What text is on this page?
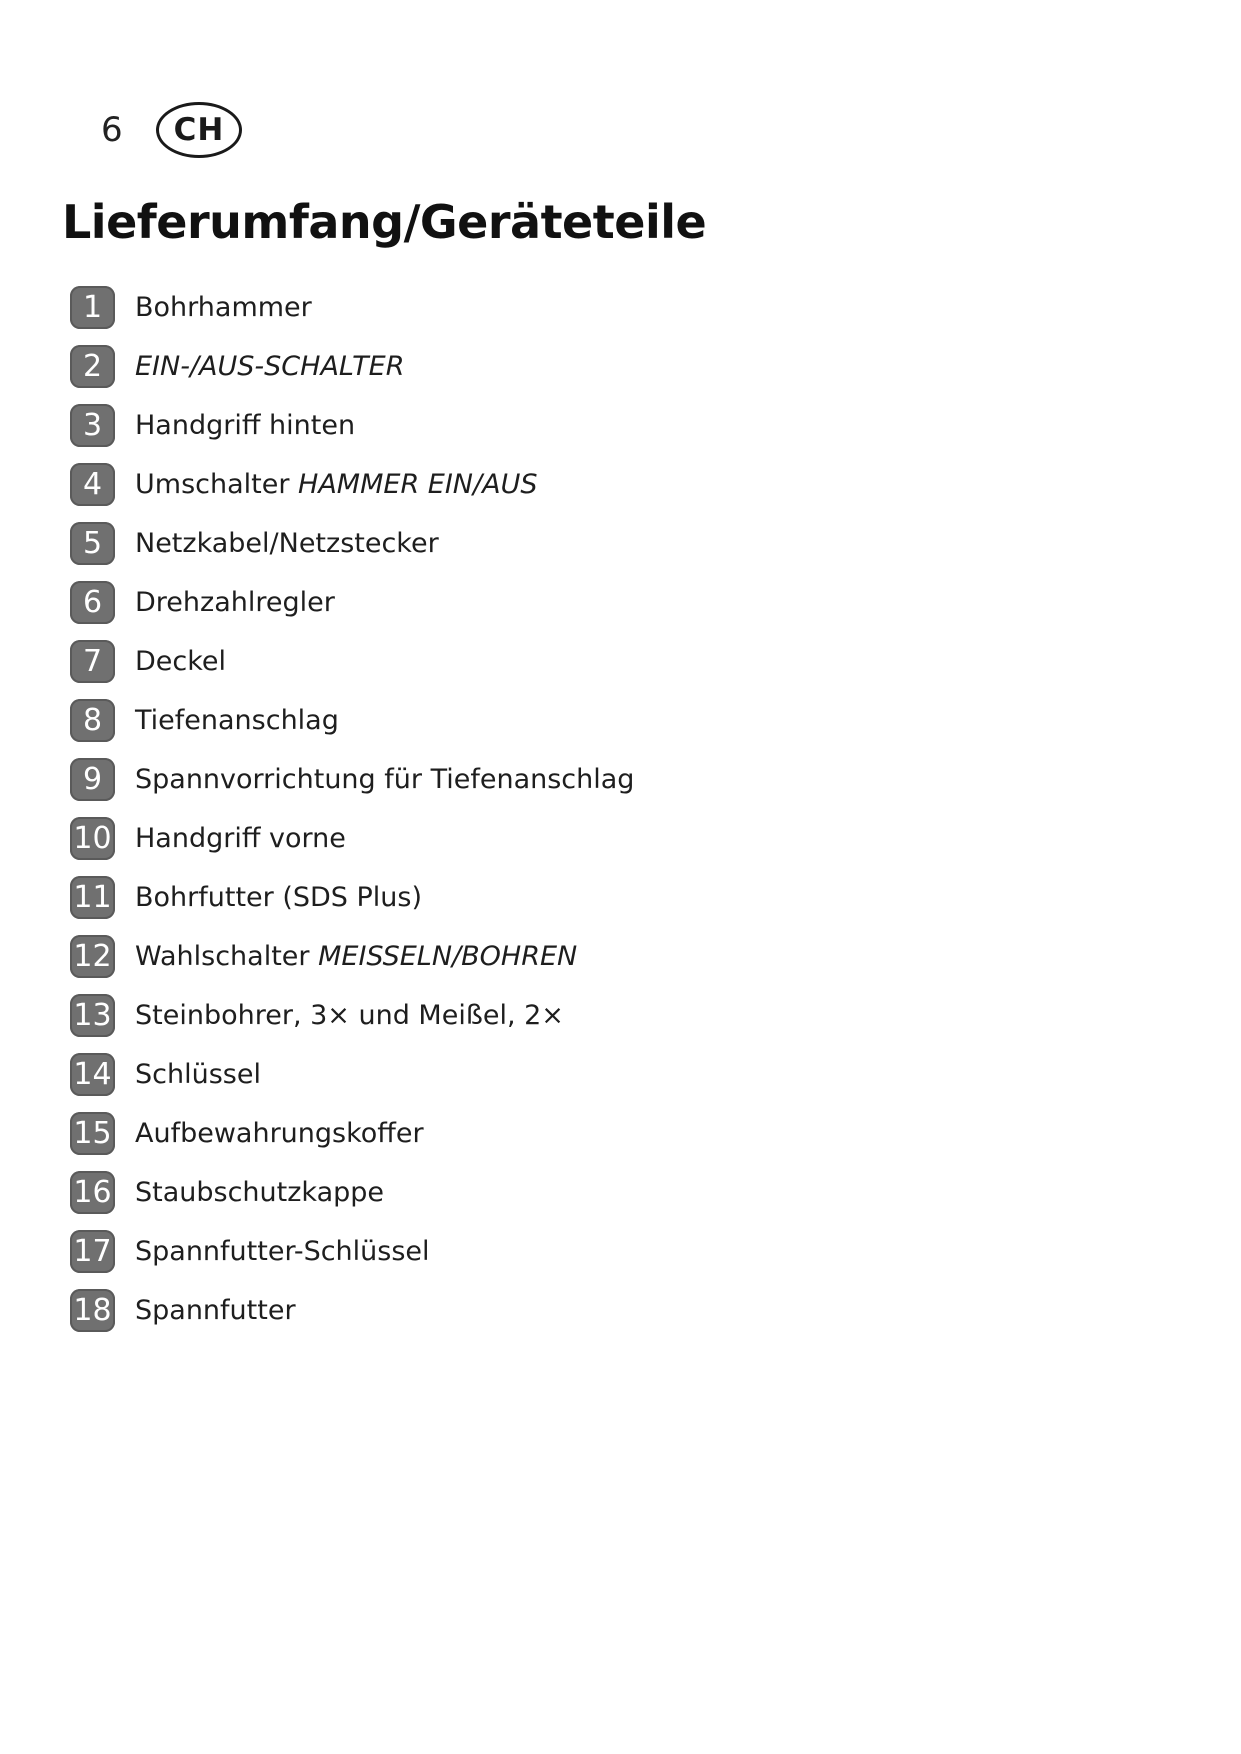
6	CH
Lieferumfang/Geräteteile
1	Bohrhammer
2	EIN-/AUS-SCHALTER
3	Handgriff hinten
4	Umschalter HAMMER EIN/AUS
5	Netzkabel/Netzstecker
6	Drehzahlregler
7	Deckel
8	Tiefenanschlag
9	Spannvorrichtung für Tiefenanschlag
10 Handgriff vorne
11 Bohrfutter (SDS Plus)
12 Wahlschalter MEISSELN/BOHREN
13 Steinbohrer, 3× und Meißel, 2×
14 Schlüssel
15 Aufbewahrungskoffer
16 Staubschutzkappe
17 Spannfutter-Schlüssel
18 Spannfutter
